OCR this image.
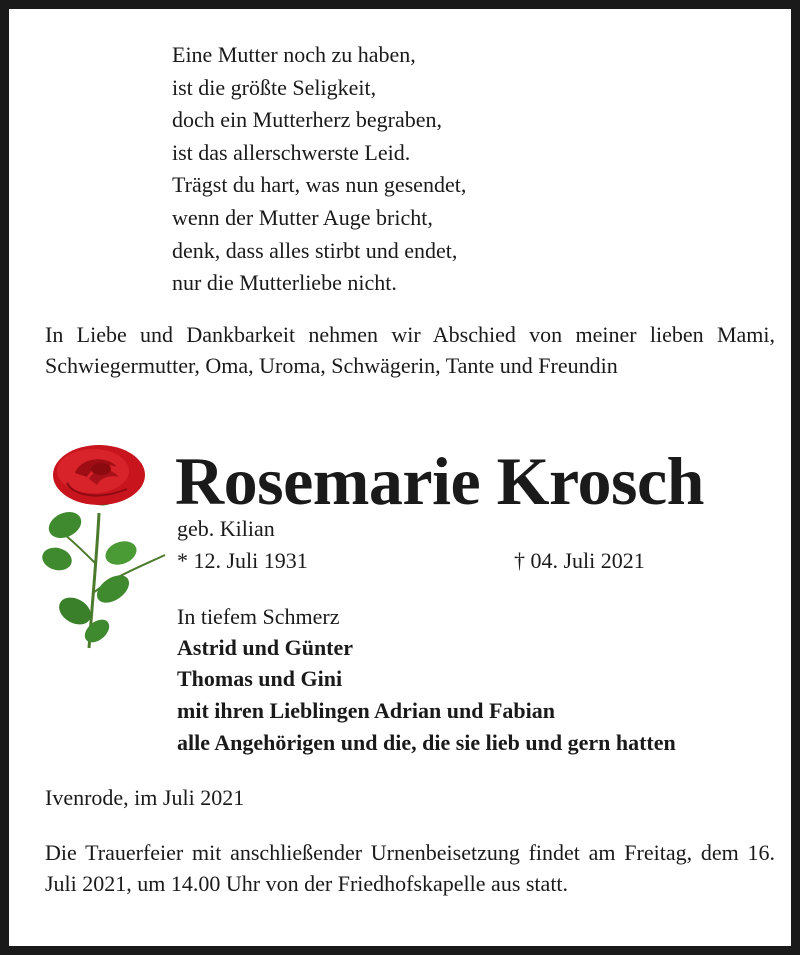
Eine Mutter noch zu haben,
ist die größte Seligkeit,
doch ein Mutterherz begraben,
ist das allerschwerste Leid.
Trägst du hart, was nun gesendet,
wenn der Mutter Auge bricht,
denk, dass alles stirbt und endet,
nur die Mutterliebe nicht.
In Liebe und Dankbarkeit nehmen wir Abschied von meiner lieben Mami, Schwiegermutter, Oma, Uroma, Schwägerin, Tante und Freundin
Rosemarie Krosch
geb. Kilian
* 12. Juli 1931	† 04. Juli 2021
In tiefem Schmerz
Astrid und Günter
Thomas und Gini
mit ihren Lieblingen Adrian und Fabian
alle Angehörigen und die, die sie lieb und gern hatten
Ivenrode, im Juli 2021
Die Trauerfeier mit anschließender Urnenbeisetzung findet am Freitag, dem 16. Juli 2021, um 14.00 Uhr von der Friedhofskapelle aus statt.
